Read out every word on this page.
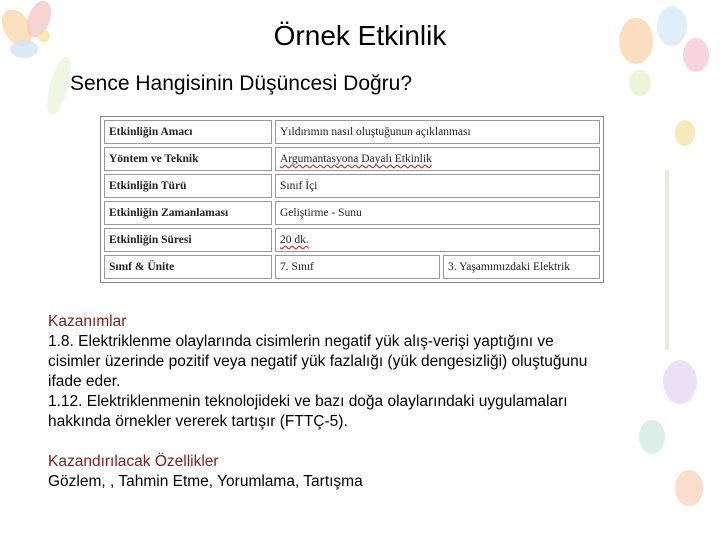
Örnek Etkinlik
Sence Hangisinin Düşüncesi Doğru?
Etkinliğin Amacı	Yıldırımın nasıl oluştuğunun açıklanması	
Yöntem ve Teknik	Argumantasyona Dayalı Etkinlik	
Etkinliğin Türü	Sınıf İçi	
Etkinliğin Zamanlaması	Geliştirme - Sunu	
Etkinliğin Süresi	20 dk.	
Sınıf & Ünite	7. Sınıf	3. Yaşamımızdaki Elektrik
Kazanımlar
1.8. Elektriklenme olaylarında cisimlerin negatif yük alış-verişi yaptığını ve
cisimler üzerinde pozitif veya negatif yük fazlalığı (yük dengesizliği) oluştuğunu
ifade eder.
1.12. Elektriklenmenin teknolojideki ve bazı doğa olaylarındaki uygulamaları
hakkında örnekler vererek tartışır (FTTÇ-5).
Kazandırılacak Özellikler
Gözlem, , Tahmin Etme, Yorumlama, Tartışma
